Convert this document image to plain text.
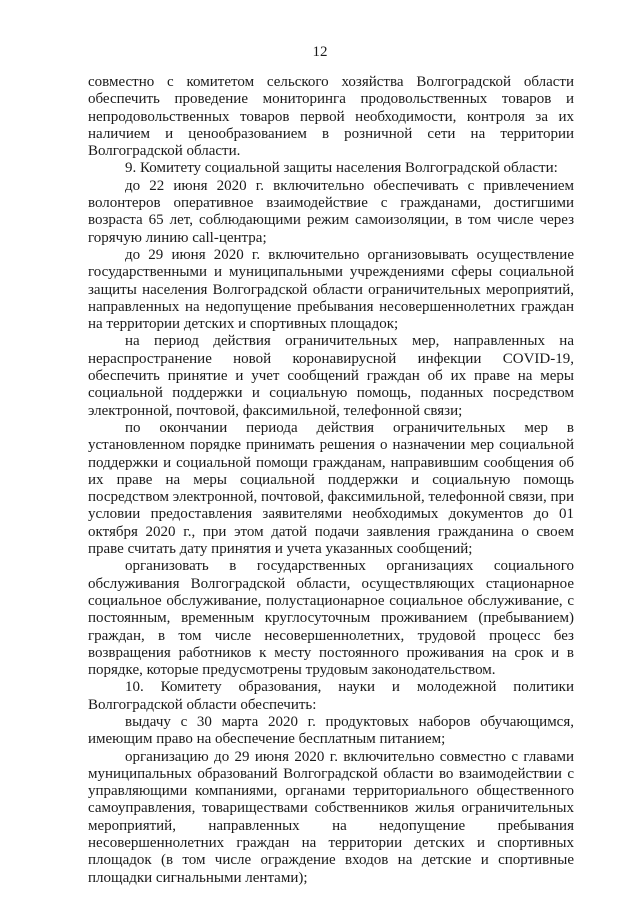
12

совместно с комитетом сельского хозяйства Волгоградской области обеспечить проведение мониторинга продовольственных товаров и непродовольственных товаров первой необходимости, контроля за их наличием и ценообразованием в розничной сети на территории Волгоградской области.

9. Комитету социальной защиты населения Волгоградской области:

до 22 июня 2020 г. включительно обеспечивать с привлечением волонтеров оперативное взаимодействие с гражданами, достигшими возраста 65 лет, соблюдающими режим самоизоляции, в том числе через горячую линию call-центра;

до 29 июня 2020 г. включительно организовывать осуществление государственными и муниципальными учреждениями сферы социальной защиты населения Волгоградской области ограничительных мероприятий, направленных на недопущение пребывания несовершеннолетних граждан на территории детских и спортивных площадок;

на период действия ограничительных мер, направленных на нераспространение новой коронавирусной инфекции COVID-19, обеспечить принятие и учет сообщений граждан об их праве на меры социальной поддержки и социальную помощь, поданных посредством электронной, почтовой, факсимильной, телефонной связи;

по окончании периода действия ограничительных мер в установленном порядке принимать решения о назначении мер социальной поддержки и социальной помощи гражданам, направившим сообщения об их праве на меры социальной поддержки и социальную помощь посредством электронной, почтовой, факсимильной, телефонной связи, при условии предоставления заявителями необходимых документов до 01 октября 2020 г., при этом датой подачи заявления гражданина о своем праве считать дату принятия и учета указанных сообщений;

организовать в государственных организациях социального обслуживания Волгоградской области, осуществляющих стационарное социальное обслуживание, полустационарное социальное обслуживание, с постоянным, временным круглосуточным проживанием (пребыванием) граждан, в том числе несовершеннолетних, трудовой процесс без возвращения работников к месту постоянного проживания на срок и в порядке, которые предусмотрены трудовым законодательством.

10. Комитету образования, науки и молодежной политики Волгоградской области обеспечить:

выдачу с 30 марта 2020 г. продуктовых наборов обучающимся, имеющим право на обеспечение бесплатным питанием;

организацию до 29 июня 2020 г. включительно совместно с главами муниципальных образований Волгоградской области во взаимодействии с управляющими компаниями, органами территориального общественного самоуправления, товариществами собственников жилья ограничительных мероприятий, направленных на недопущение пребывания несовершеннолетних граждан на территории детских и спортивных площадок (в том числе ограждение входов на детские и спортивные площадки сигнальными лентами);
